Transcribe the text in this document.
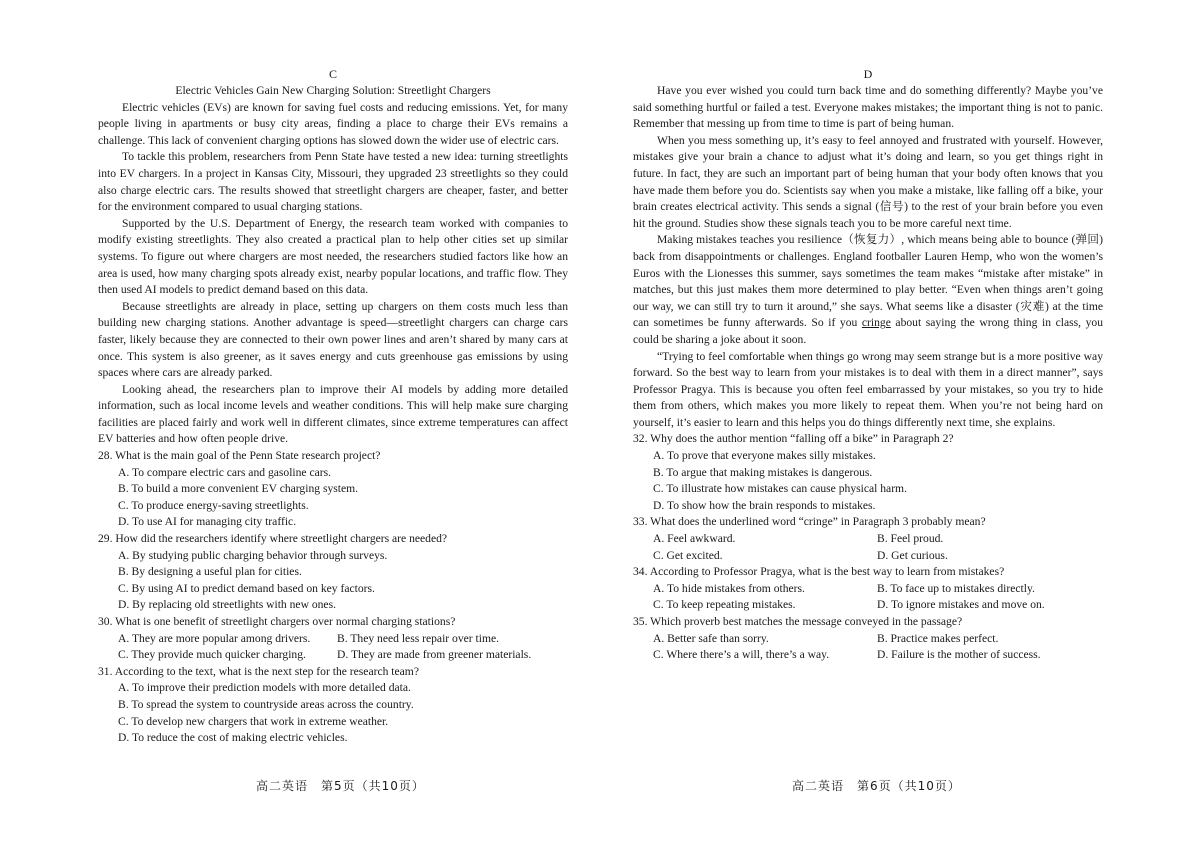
C

Electric Vehicles Gain New Charging Solution: Streetlight Chargers

Electric vehicles (EVs) are known for saving fuel costs and reducing emissions. Yet, for many people living in apartments or busy city areas, finding a place to charge their EVs remains a challenge. This lack of convenient charging options has slowed down the wider use of electric cars.

To tackle this problem, researchers from Penn State have tested a new idea: turning streetlights into EV chargers. In a project in Kansas City, Missouri, they upgraded 23 streetlights so they could also charge electric cars. The results showed that streetlight chargers are cheaper, faster, and better for the environment compared to usual charging stations.

Supported by the U.S. Department of Energy, the research team worked with companies to modify existing streetlights. They also created a practical plan to help other cities set up similar systems. To figure out where chargers are most needed, the researchers studied factors like how an area is used, how many charging spots already exist, nearby popular locations, and traffic flow. They then used AI models to predict demand based on this data.

Because streetlights are already in place, setting up chargers on them costs much less than building new charging stations. Another advantage is speed—streetlight chargers can charge cars faster, likely because they are connected to their own power lines and aren’t shared by many cars at once. This system is also greener, as it saves energy and cuts greenhouse gas emissions by using spaces where cars are already parked.

Looking ahead, the researchers plan to improve their AI models by adding more detailed information, such as local income levels and weather conditions. This will help make sure charging facilities are placed fairly and work well in different climates, since extreme temperatures can affect EV batteries and how often people drive.

28. What is the main goal of the Penn State research project?

A. To compare electric cars and gasoline cars.

B. To build a more convenient EV charging system.

C. To produce energy-saving streetlights.

D. To use AI for managing city traffic.

29. How did the researchers identify where streetlight chargers are needed?

A. By studying public charging behavior through surveys.

B. By designing a useful plan for cities.

C. By using AI to predict demand based on key factors.

D. By replacing old streetlights with new ones.

30. What is one benefit of streetlight chargers over normal charging stations?

A. They are more popular among drivers.	B. They need less repair over time.
C. They provide much quicker charging.	D. They are made from greener materials.

31. According to the text, what is the next step for the research team?

A. To improve their prediction models with more detailed data.

B. To spread the system to countryside areas across the country.

C. To develop new chargers that work in extreme weather.

D. To reduce the cost of making electric vehicles.

D

Have you ever wished you could turn back time and do something differently? Maybe you’ve said something hurtful or failed a test. Everyone makes mistakes; the important thing is not to panic. Remember that messing up from time to time is part of being human.

When you mess something up, it’s easy to feel annoyed and frustrated with yourself. However, mistakes give your brain a chance to adjust what it’s doing and learn, so you get things right in future. In fact, they are such an important part of being human that your body often knows that you have made them before you do. Scientists say when you make a mistake, like falling off a bike, your brain creates electrical activity. This sends a signal (信号) to the rest of your brain before you even hit the ground. Studies show these signals teach you to be more careful next time.

Making mistakes teaches you resilience（恢复力）, which means being able to bounce (弹回) back from disappointments or challenges. England footballer Lauren Hemp, who won the women’s Euros with the Lionesses this summer, says sometimes the team makes “mistake after mistake” in matches, but this just makes them more determined to play better. “Even when things aren’t going our way, we can still try to turn it around,” she says. What seems like a disaster (灾难) at the time can sometimes be funny afterwards. So if you cringe about saying the wrong thing in class, you could be sharing a joke about it soon.

“Trying to feel comfortable when things go wrong may seem strange but is a more positive way forward. So the best way to learn from your mistakes is to deal with them in a direct manner”, says Professor Pragya. This is because you often feel embarrassed by your mistakes, so you try to hide them from others, which makes you more likely to repeat them. When you’re not being hard on yourself, it’s easier to learn and this helps you do things differently next time, she explains.

32. Why does the author mention “falling off a bike” in Paragraph 2?

A. To prove that everyone makes silly mistakes.

B. To argue that making mistakes is dangerous.

C. To illustrate how mistakes can cause physical harm.

D. To show how the brain responds to mistakes.

33. What does the underlined word “cringe” in Paragraph 3 probably mean?

A. Feel awkward.	B. Feel proud.
C. Get excited.	D. Get curious.

34. According to Professor Pragya, what is the best way to learn from mistakes?

A. To hide mistakes from others.	B. To face up to mistakes directly.
C. To keep repeating mistakes.	D. To ignore mistakes and move on.

35. Which proverb best matches the message conveyed in the passage?

A. Better safe than sorry.	B. Practice makes perfect.
C. Where there’s a will, there’s a way.	D. Failure is the mother of success.
高二英语　第5页（共10页）	高二英语　第6页（共10页）
